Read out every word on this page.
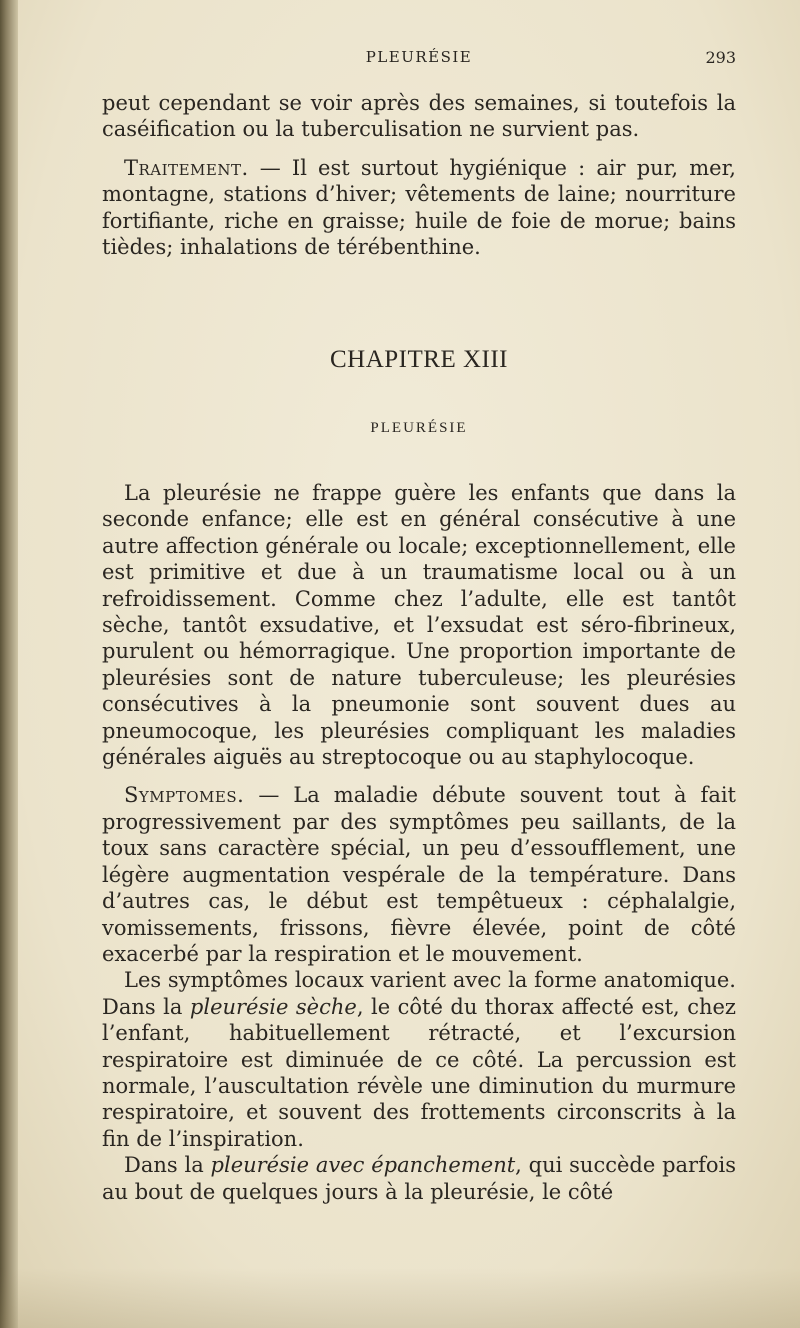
PLEURÉSIE	293

peut cependant se voir après des semaines, si toutefois la caséification ou la tuberculisation ne survient pas.

Traitement. — Il est surtout hygiénique : air pur, mer, montagne, stations d’hiver; vêtements de laine; nourriture fortifiante, riche en graisse; huile de foie de morue; bains tièdes; inhalations de térébenthine.

CHAPITRE XIII
PLEURÉSIE

La pleurésie ne frappe guère les enfants que dans la seconde enfance; elle est en général consécutive à une autre affection générale ou locale; exceptionnellement, elle est primitive et due à un traumatisme local ou à un refroidissement. Comme chez l’adulte, elle est tantôt sèche, tantôt exsudative, et l’exsudat est séro-fibrineux, purulent ou hémorragique. Une proportion importante de pleurésies sont de nature tuberculeuse; les pleurésies consécutives à la pneumonie sont souvent dues au pneumocoque, les pleurésies compliquant les maladies générales aiguës au streptocoque ou au staphylocoque.

Symptomes. — La maladie débute souvent tout à fait progressivement par des symptômes peu saillants, de la toux sans caractère spécial, un peu d’essoufflement, une légère augmentation vespérale de la température. Dans d’autres cas, le début est tempêtueux : céphalalgie, vomissements, frissons, fièvre élevée, point de côté exacerbé par la respiration et le mouvement.

Les symptômes locaux varient avec la forme anatomique. Dans la pleurésie sèche, le côté du thorax affecté est, chez l’enfant, habituellement rétracté, et l’excursion respiratoire est diminuée de ce côté. La percussion est normale, l’auscultation révèle une diminution du murmure respiratoire, et souvent des frottements circonscrits à la fin de l’inspiration.

Dans la pleurésie avec épanchement, qui succède parfois au bout de quelques jours à la pleurésie, le côté
